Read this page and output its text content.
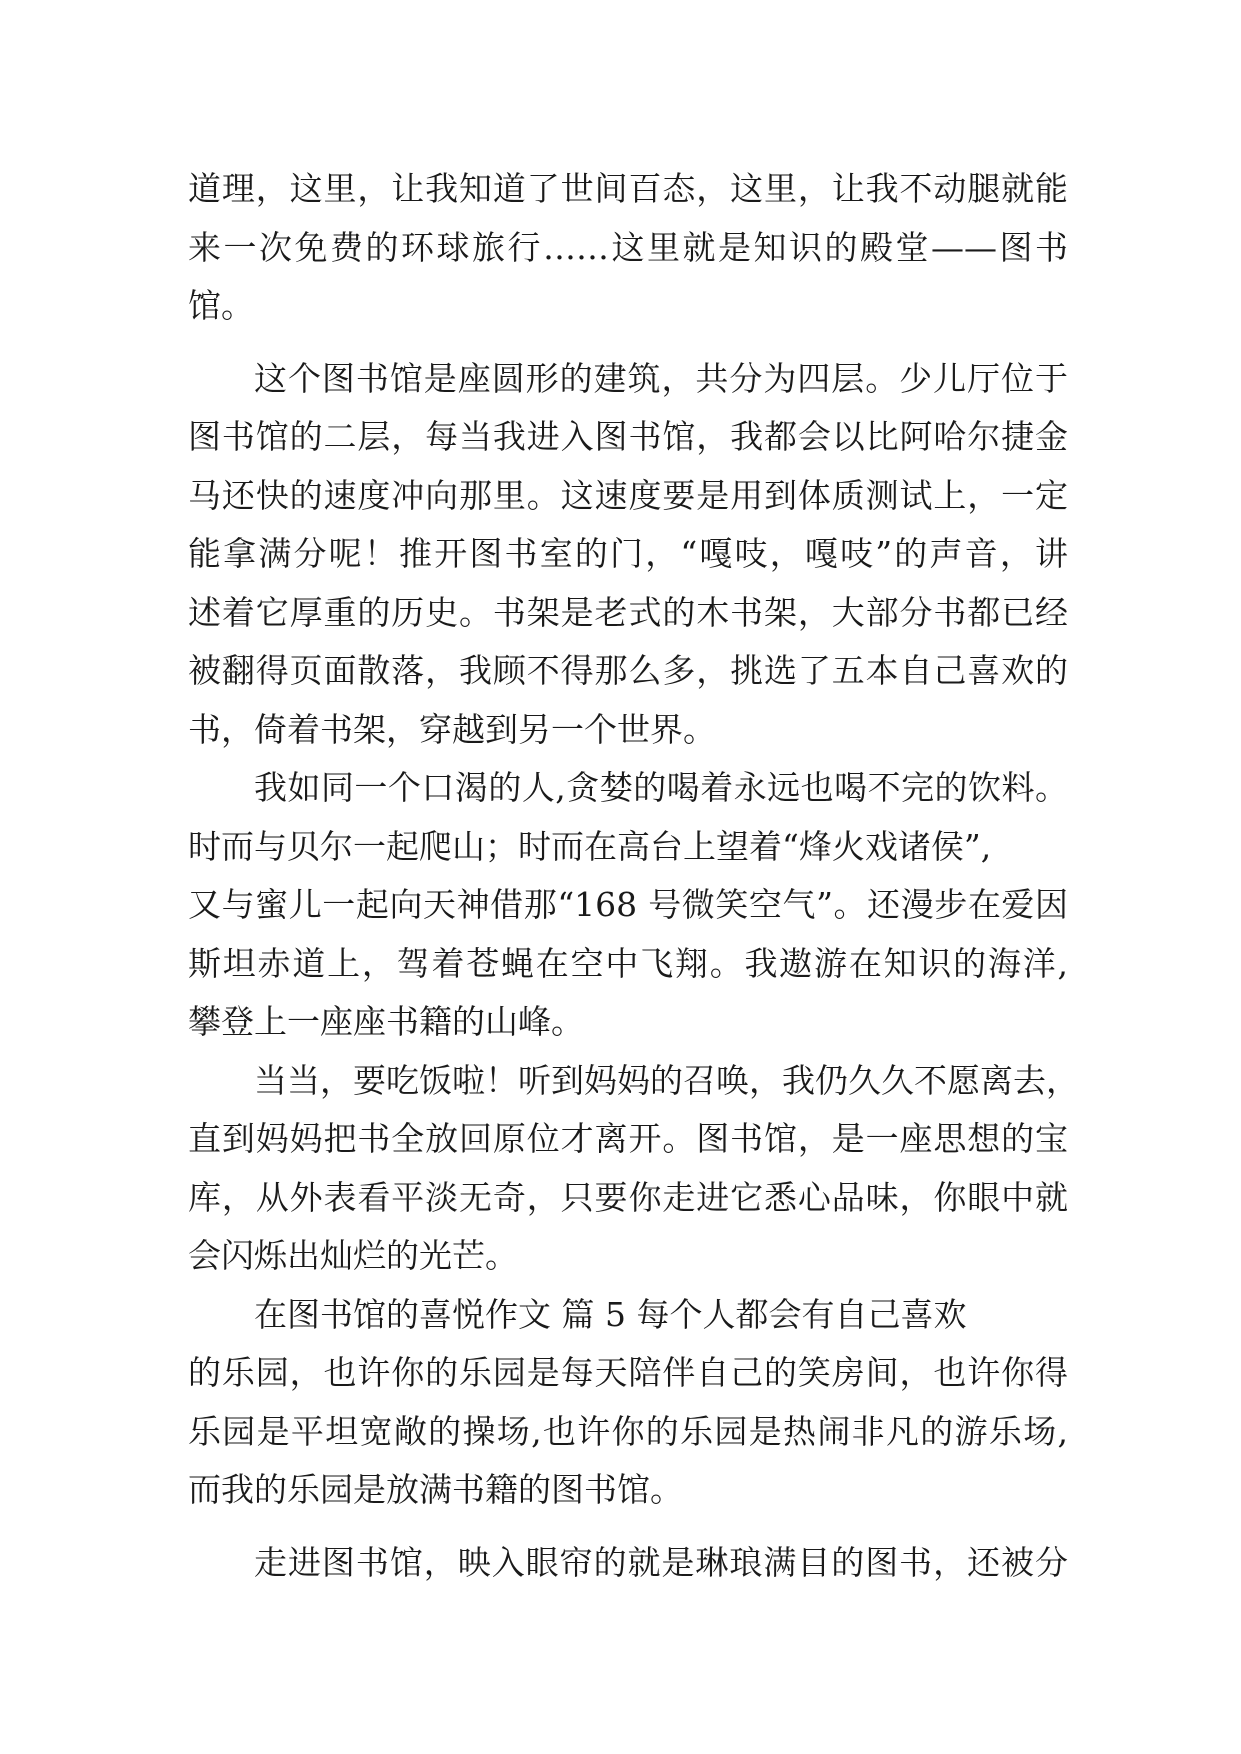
道理，这里，让我知道了世间百态，这里，让我不动腿就能
来一次免费的环球旅行……这里就是知识的殿堂——图书
馆。
这个图书馆是座圆形的建筑，共分为四层。少儿厅位于
图书馆的二层，每当我进入图书馆，我都会以比阿哈尔捷金
马还快的速度冲向那里。这速度要是用到体质测试上，一定
能拿满分呢！推开图书室的门，“嘎吱，嘎吱”的声音，讲
述着它厚重的历史。书架是老式的木书架，大部分书都已经
被翻得页面散落，我顾不得那么多，挑选了五本自己喜欢的
书，倚着书架，穿越到另一个世界。
我如同一个口渴的人,贪婪的喝着永远也喝不完的饮料。
时而与贝尔一起爬山；时而在高台上望着“烽火戏诸侯”,
又与蜜儿一起向天神借那“168 号微笑空气”。还漫步在爱因
斯坦赤道上，驾着苍蝇在空中飞翔。我遨游在知识的海洋,
攀登上一座座书籍的山峰。
当当，要吃饭啦！听到妈妈的召唤，我仍久久不愿离去，
直到妈妈把书全放回原位才离开。图书馆，是一座思想的宝
库，从外表看平淡无奇，只要你走进它悉心品味，你眼中就
会闪烁出灿烂的光芒。
在图书馆的喜悦作文 篇 5 每个人都会有自己喜欢
的乐园，也许你的乐园是每天陪伴自己的笑房间，也许你得
乐园是平坦宽敞的操场,也许你的乐园是热闹非凡的游乐场,
而我的乐园是放满书籍的图书馆。
走进图书馆，映入眼帘的就是琳琅满目的图书，还被分
